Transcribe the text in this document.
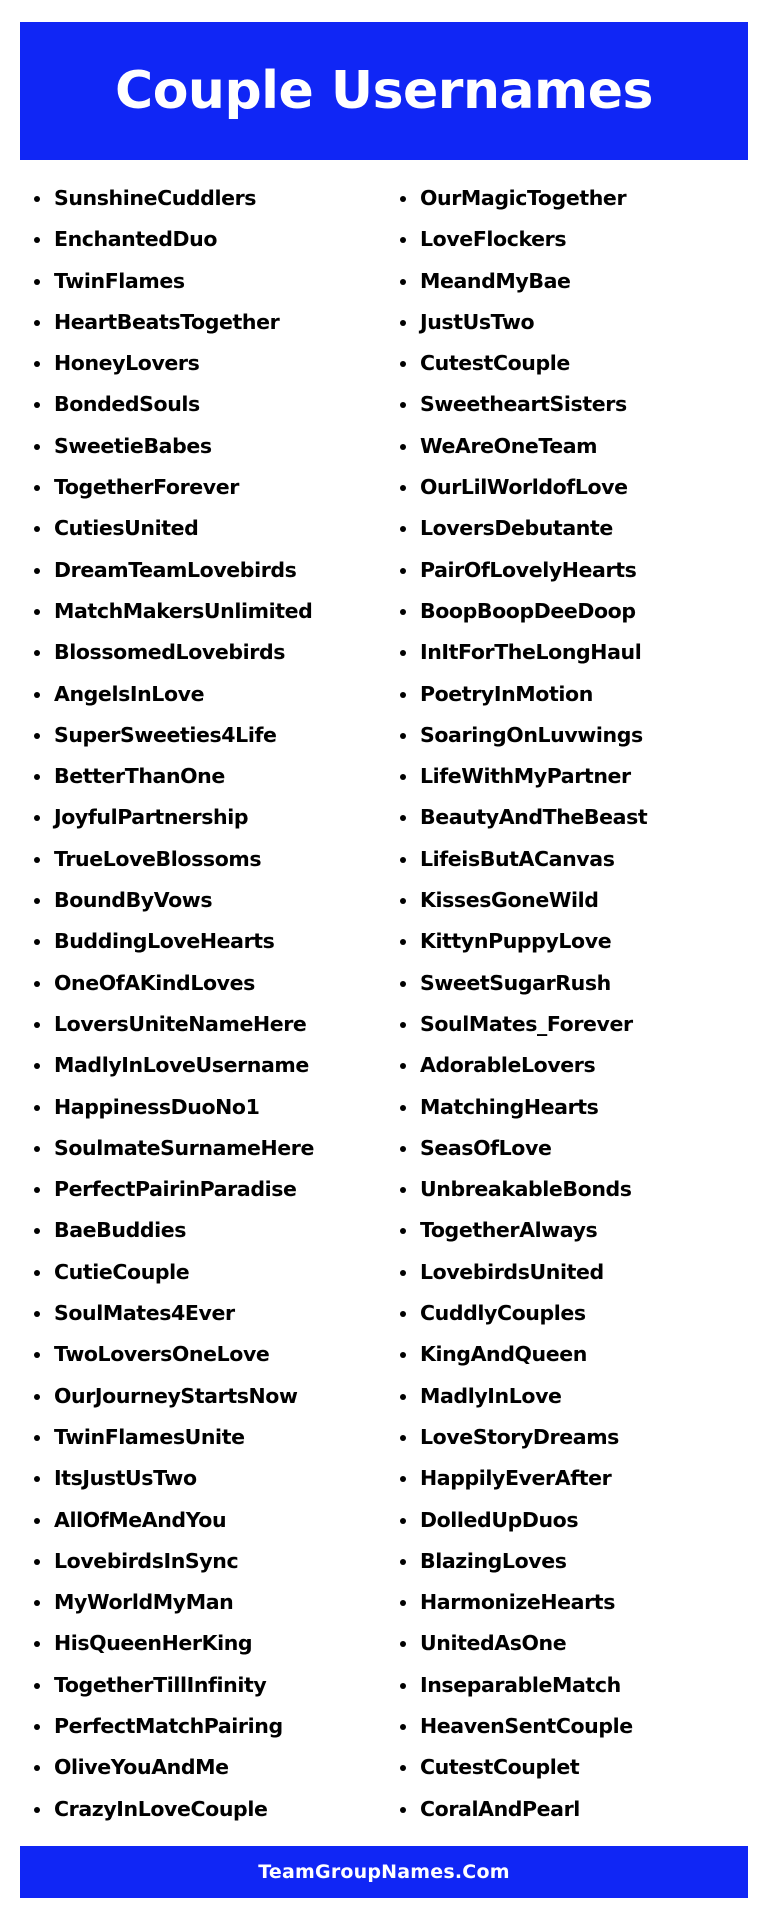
Couple Usernames
SunshineCuddlers
EnchantedDuo
TwinFlames
HeartBeatsTogether
HoneyLovers
BondedSouls
SweetieBabes
TogetherForever
CutiesUnited
DreamTeamLovebirds
MatchMakersUnlimited
BlossomedLovebirds
AngelsInLove
SuperSweeties4Life
BetterThanOne
JoyfulPartnership
TrueLoveBlossoms
BoundByVows
BuddingLoveHearts
OneOfAKindLoves
LoversUniteNameHere
MadlyInLoveUsername
HappinessDuoNo1
SoulmateSurnameHere
PerfectPairinParadise
BaeBuddies
CutieCouple
SoulMates4Ever
TwoLoversOneLove
OurJourneyStartsNow
TwinFlamesUnite
ItsJustUsTwo
AllOfMeAndYou
LovebirdsInSync
MyWorldMyMan
HisQueenHerKing
TogetherTillInfinity
PerfectMatchPairing
OliveYouAndMe
CrazyInLoveCouple
OurMagicTogether
LoveFlockers
MeandMyBae
JustUsTwo
CutestCouple
SweetheartSisters
WeAreOneTeam
OurLilWorldofLove
LoversDebutante
PairOfLovelyHearts
BoopBoopDeeDoop
InItForTheLongHaul
PoetryInMotion
SoaringOnLuvwings
LifeWithMyPartner
BeautyAndTheBeast
LifeisButACanvas
KissesGoneWild
KittynPuppyLove
SweetSugarRush
SoulMates_Forever
AdorableLovers
MatchingHearts
SeasOfLove
UnbreakableBonds
TogetherAlways
LovebirdsUnited
CuddlyCouples
KingAndQueen
MadlyInLove
LoveStoryDreams
HappilyEverAfter
DolledUpDuos
BlazingLoves
HarmonizeHearts
UnitedAsOne
InseparableMatch
HeavenSentCouple
CutestCouplet
CoralAndPearl
TeamGroupNames.Com
